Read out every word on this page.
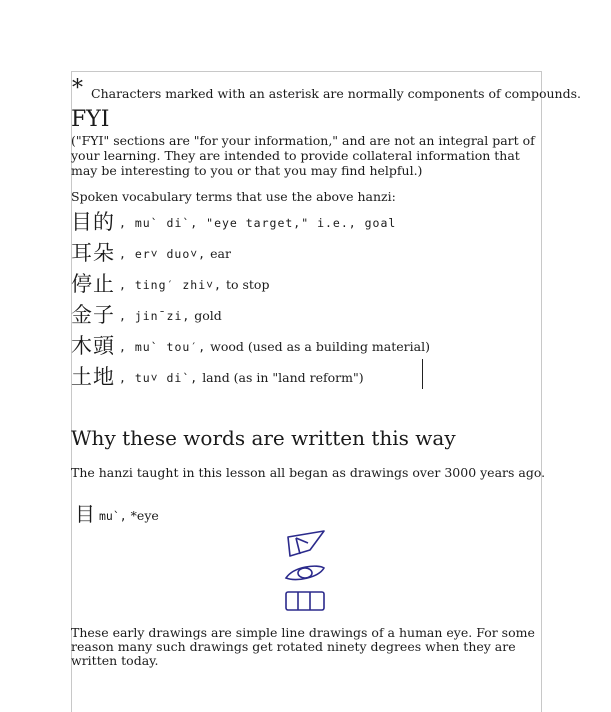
* Characters marked with an asterisk are normally components of compounds.
FYI
("FYI" sections are "for your information," and are not an integral part of your learning. They are intended to provide collateral information that may be interesting to you or that you may find helpful.)
Spoken vocabulary terms that use the above hanzi:
目的 , mu` di`, "eye target," i.e., goal
耳朵 , er˅ duo˅, ear
停止 , ting′ zhi˅, to stop
金子 , jin¯zi, gold
木頭 , mu` tou′, wood (used as a building material)
土地 , tu˅ di`, land (as in "land reform")
Why these words are written this way
The hanzi taught in this lesson all began as drawings over 3000 years ago.
目 mu`, *eye
These early drawings are simple line drawings of a human eye. For some reason many such drawings get rotated ninety degrees when they are written today.
